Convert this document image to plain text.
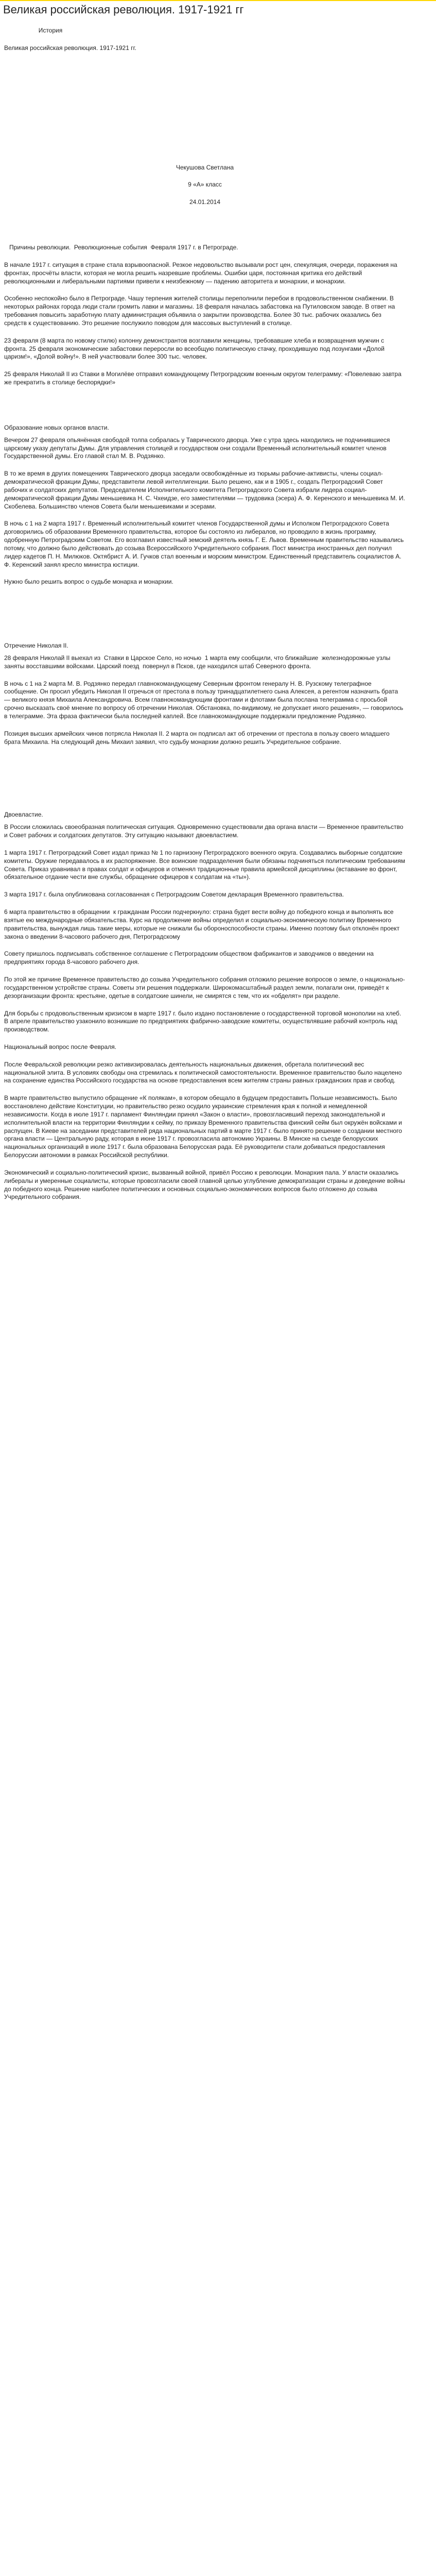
Великая российская революция. 1917-1921 гг

История

Великая российская революция. 1917-1921 гг.

Чекушова Светлана

9 «А» класс

24.01.2014

Причины революции.  Революционные события  Февраля 1917 г. в Петрограде.

В начале 1917 г. ситуация в стране стала взрывоопасной. Резкое недовольство вызывали рост цен, спекуляция, очереди, поражения на фронтах, просчёты власти, которая не могла решить назревшие проблемы. Ошибки царя, постоянная критика его действий революционными и либеральными партиями привели к неизбежному — падению авторитета и монархии, и монархии.

Особенно неспокойно было в Петрограде. Чашу терпения жителей столицы переполнили перебои в продовольственном снабжении. В некоторых районах города люди стали громить лавки и магазины. 18 февраля началась забастовка на Путиловском заводе. В ответ на требования повысить заработную плату администрация объявила о закрытии производства. Более 30 тыс. рабочих оказались без средств к существованию. Это решение послужило поводом для массовых выступлений в столице.

23 февраля (8 марта по новому стилю) колонну демонстрантов возглавили женщины, требовавшие хлеба и возвращения мужчин с фронта. 25 февраля экономические забастовки переросли во всеобщую политическую стачку, проходившую под лозунгами «Долой царизм!», «Долой войну!». В ней участвовали более 300 тыс. человек.

25 февраля Николай II из Ставки в Могилёве отправил командующему Петроградским военным округом телеграмму: «Повелеваю завтра же прекратить в столице беспорядки!»

Образование новых органов власти.

Вечером 27 февраля опьянённая свободой толпа собралась у Таврического дворца. Уже с утра здесь находились не подчинившиеся царскому указу депутаты Думы. Для управления столицей и государством они создали Временный исполнительный комитет членов Государственной думы. Его главой стал М. В. Родзянко.

В то же время в других помещениях Таврического дворца заседали освобождённые из тюрьмы рабочие-активисты, члены социал-демократической фракции Думы, представители левой интеллигенции. Было решено, как и в 1905 г., создать Петроградский Совет рабочих и солдатских депутатов. Председателем Исполнительного комитета Петроградского Совета избрали лидера социал-демократической фракции Думы меньшевика Н. С. Чхеидзе, его заместителями — трудовика (эсера) А. Ф. Керенского и меньшевика М. И. Скобелева. Большинство членов Совета были меньшевиками и эсерами.

В ночь с 1 на 2 марта 1917 г. Временный исполнительный комитет членов Государственной думы и Исполком Петроградского Совета договорились об образовании Временного правительства, которое бы состояло из либералов, но проводило в жизнь программу, одобренную Петроградским Советом. Его возглавил известный земский деятель князь Г. Е. Львов. Временным правительство назывались потому, что должно было действовать до созыва Всероссийского Учредительного собрания. Пост министра иностранных дел получил лидер кадетов П. Н. Милюков. Октябрист А. И. Гучков стал военным и морским министром. Единственный представитель социалистов А. Ф. Керенский занял кресло министра юстиции.

Нужно было решить вопрос о судьбе монарха и монархии.

Отречение Николая II.

28 февраля Николай II выехал из  Ставки в Царское Село, но ночью  1 марта ему сообщили, что ближайшие  железнодорожные узлы заняты восставшими войсками. Царский поезд  повернул в Псков, где находился штаб Северного фронта.

В ночь с 1 на 2 марта М. В. Родзянко передал главнокомандующему Северным фронтом генералу Н. В. Рузскому телеграфное сообщение. Он просил убедить Николая II отречься от престола в пользу тринадцатилетнего сына Алексея, а регентом назначить брата — великого князя Михаила Александровича. Всем главнокомандующим фронтами и флотами была послана телеграмма с просьбой срочно высказать своё мнение по вопросу об отречении Николая. Обстановка, по-видимому, не допускает иного решения», — говорилось в телеграмме. Эта фраза фактически была последней каплей. Все главнокомандующие поддержали предложение Родзянко.

Позиция высших армейских чинов потрясла Николая II. 2 марта он подписал акт об отречении от престола в пользу своего младшего брата Михаила. На следующий день Михаил заявил, что судьбу монархии должно решить Учредительное собрание.

Двоевластие.

В России сложилась своеобразная политическая ситуация. Одновременно существовали два органа власти — Временное правительство и Совет рабочих и солдатских депутатов. Эту ситуацию называют двоевластием.

1 марта 1917 г. Петроградский Совет издал приказ № 1 по гарнизону Петроградского военного округа. Создавались выборные солдатские комитеты. Оружие передавалось в их распоряжение. Все воинские подразделения были обязаны подчиняться политическим требованиям Совета. Приказ уравнивал в правах солдат и офицеров и отменял традиционные правила армейской дисциплины (вставание во фронт, обязательное отдание чести вне службы, обращение офицеров к солдатам на «ты»).

3 марта 1917 г. была опубликована согласованная с Петроградским Советом декларация Временного правительства.

6 марта правительство в обращении  к гражданам России подчеркнуло: страна будет вести войну до победного конца и выполнять все взятые ею международные обязательства. Курс на продолжение войны определил и социально-экономическую политику Временного правительства, вынуждая лишь такие меры, которые не снижали бы обороноспособности страны. Именно поэтому был отклонён проект закона о введении 8-часового рабочего дня, Петроградскому

Совету пришлось подписывать собственное соглашение с Петроградским обществом фабрикантов и заводчиков о введении на предприятиях города 8-часового рабочего дня.

По этой же причине Временное правительство до созыва Учредительного собрания отложило решение вопросов о земле, о национально-государственном устройстве страны. Советы эти решения поддержали. Широкомасштабный раздел земли, полагали они, приведёт к дезорганизации фронта: крестьяне, одетые в солдатские шинели, не смирятся с тем, что их «обделят» при разделе.

Для борьбы с продовольственным кризисом в марте 1917 г. было издано постановление о государственной торговой монополии на хлеб. В апреле правительство узаконило возникшие по предприятиях фабрично-заводские комитеты, осуществлявшие рабочий контроль над производством.

Национальный вопрос после Февраля.

После Февральской революции резко активизировалась деятельность национальных движения, обретала политический вес национальной элита. В условиях свободы она стремилась к политической самостоятельности. Временное правительство было нацелено на сохранение единства Российского государства на основе предоставления всем жителям страны равных гражданских прав и свобод.

В марте правительство выпустило обращение «К полякам», в котором обещало в будущем предоставить Польше независимость. Было восстановлено действие Конституции, но правительство резко осудило украинские стремления края к полной и немедленной независимости. Когда в июле 1917 г. парламент Финляндии принял «Закон о власти», провозгласивший переход законодательной и исполнительной власти на территории Финляндии к сейму, по приказу Временного правительства финский сейм был окружён войсками и распущен. В Киеве на заседании представителей ряда национальных партий в марте 1917 г. было принято решение о создании местного органа власти — Центральную раду, которая в июне 1917 г. провозгласила автономию Украины. В Минске на съезде белорусских национальных организаций в июле 1917 г. была образована Белорусская рада. Её руководители стали добиваться предоставления Белоруссии автономии в рамках Российской республики.

Экономический и социально-политический кризис, вызванный войной, привёл Россию к революции. Монархия пала. У власти оказались либералы и умеренные социалисты, которые провозгласили своей главной целью углубление демократизации страны и доведение войны до победного конца. Решение наиболее политических и основных социально-экономических вопросов было отложено до созыва Учредительного собрания.
